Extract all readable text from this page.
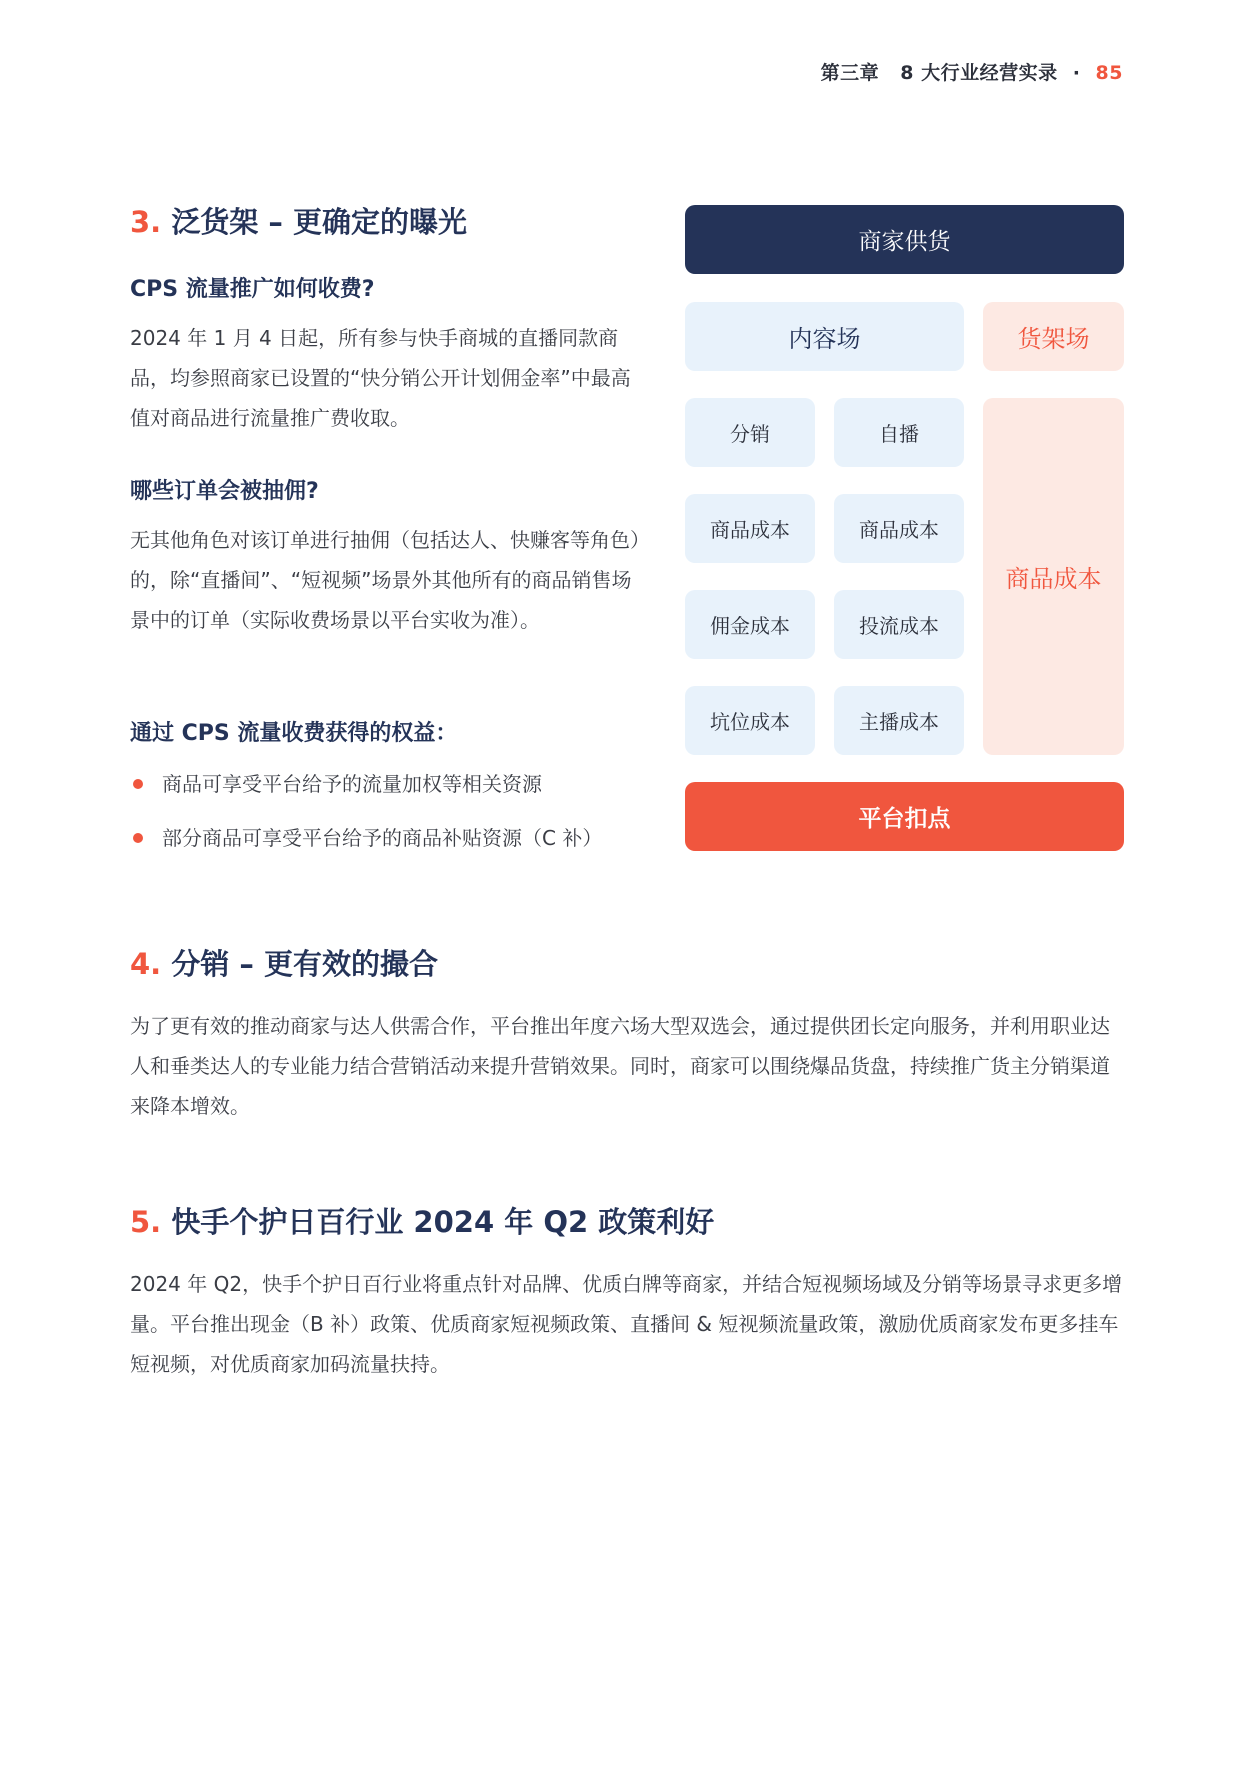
第三章 8 大行业经营实录 · 85
3. 泛货架 – 更确定的曝光
CPS 流量推广如何收费?

2024 年 1 月 4 日起，所有参与快手商城的直播同款商品，均参照商家已设置的“快分销公开计划佣金率”中最高值对商品进行流量推广费收取。

哪些订单会被抽佣?

无其他角色对该订单进行抽佣（包括达人、快赚客等角色）的，除“直播间”、“短视频”场景外其他所有的商品销售场景中的订单（实际收费场景以平台实收为准）。

通过 CPS 流量收费获得的权益：
商品可享受平台给予的流量加权等相关资源
部分商品可享受平台给予的商品补贴资源（C 补）
商家供货
内容场	货架场
分销	自播
商品成本	商品成本
佣金成本	投流成本
坑位成本	主播成本
商品成本
平台扣点
4. 分销 – 更有效的撮合

为了更有效的推动商家与达人供需合作，平台推出年度六场大型双选会，通过提供团长定向服务，并利用职业达人和垂类达人的专业能力结合营销活动来提升营销效果。同时，商家可以围绕爆品货盘，持续推广货主分销渠道来降本增效。

5. 快手个护日百行业 2024 年 Q2 政策利好

2024 年 Q2，快手个护日百行业将重点针对品牌、优质白牌等商家，并结合短视频场域及分销等场景寻求更多增量。平台推出现金（B 补）政策、优质商家短视频政策、直播间 & 短视频流量政策，激励优质商家发布更多挂车短视频，对优质商家加码流量扶持。
